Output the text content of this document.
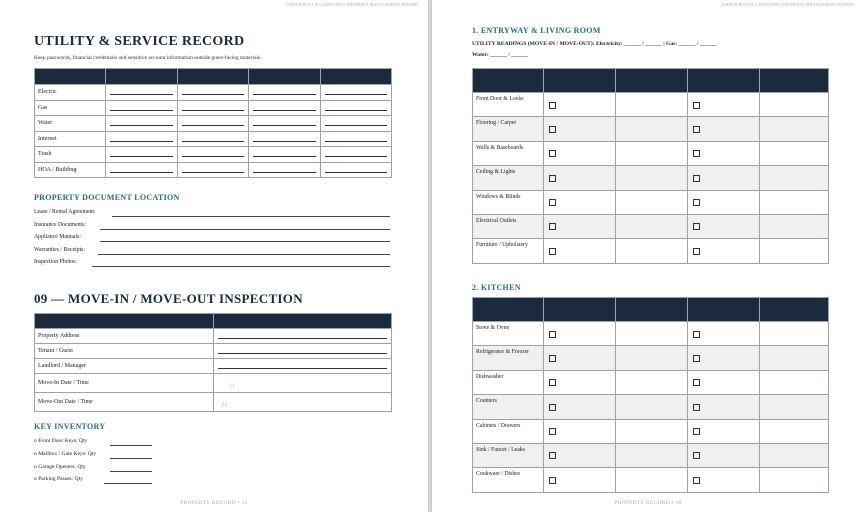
AIRBNB HOST & LANDLORD • PROPERTY MANAGEMENT BINDER
UTILITY & SERVICE RECORD
Keep passwords, financial credentials and sensitive account information outside guest-facing materials.

Electric	

Gas	

Water	

Internet	

Trash	

HOA / Building	

PROPERTY DOCUMENT LOCATION
Lease / Rental Agreement:
Insurance Documents:
Appliance Manuals:
Warranties / Receipts:
Inspection Photos:
09 — MOVE-IN / MOVE-OUT INSPECTION

Property Address	

Tenant / Guest	

Landlord / Manager	

Move-In Date / Time	/ /
Move-Out Date / Time	/ /
KEY INVENTORY
o Front Door Keys: Qty
o Mailbox / Gate Keys: Qty
o Garage Openers: Qty
o Parking Passes: Qty
PROPERTY RECORD • 15
AIRBNB HOST & LANDLORD • PROPERTY MANAGEMENT BINDER
1. ENTRYWAY & LIVING ROOM
UTILITY READINGS (MOVE-IN / MOVE-OUT): Electricity: ______ / ______ | Gas: ______ / ______
Water: ______ / ______

Front Door & Locks				
Flooring / Carpet				
Walls & Baseboards				
Ceiling & Lights				
Windows & Blinds				
Electrical Outlets				
Furniture / Upholstery				
2. KITCHEN

Stove & Oven				
Refrigerator & Freezer				
Dishwasher				
Counters				
Cabinets / Drawers				
Sink / Faucet / Leaks				
Cookware / Dishes				
PROPERTY RECORD • 16
